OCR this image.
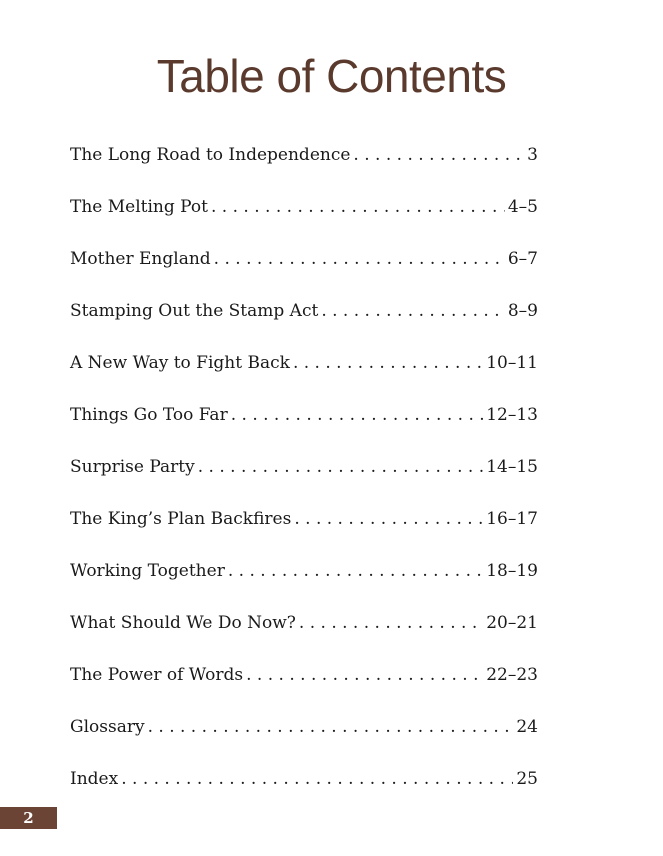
Table of Contents
The Long Road to Independence . . .	3
The Melting Pot . . .	4–5
Mother England . . .	6–7
Stamping Out the Stamp Act . . .	8–9
A New Way to Fight Back . . .	10–11
Things Go Too Far . . .	12–13
Surprise Party . . .	14–15
The King’s Plan Backfires . . .	16–17
Working Together . . .	18–19
What Should We Do Now? . . .	20–21
The Power of Words . . .	22–23
Glossary . . .	24
Index . . .	25
2
